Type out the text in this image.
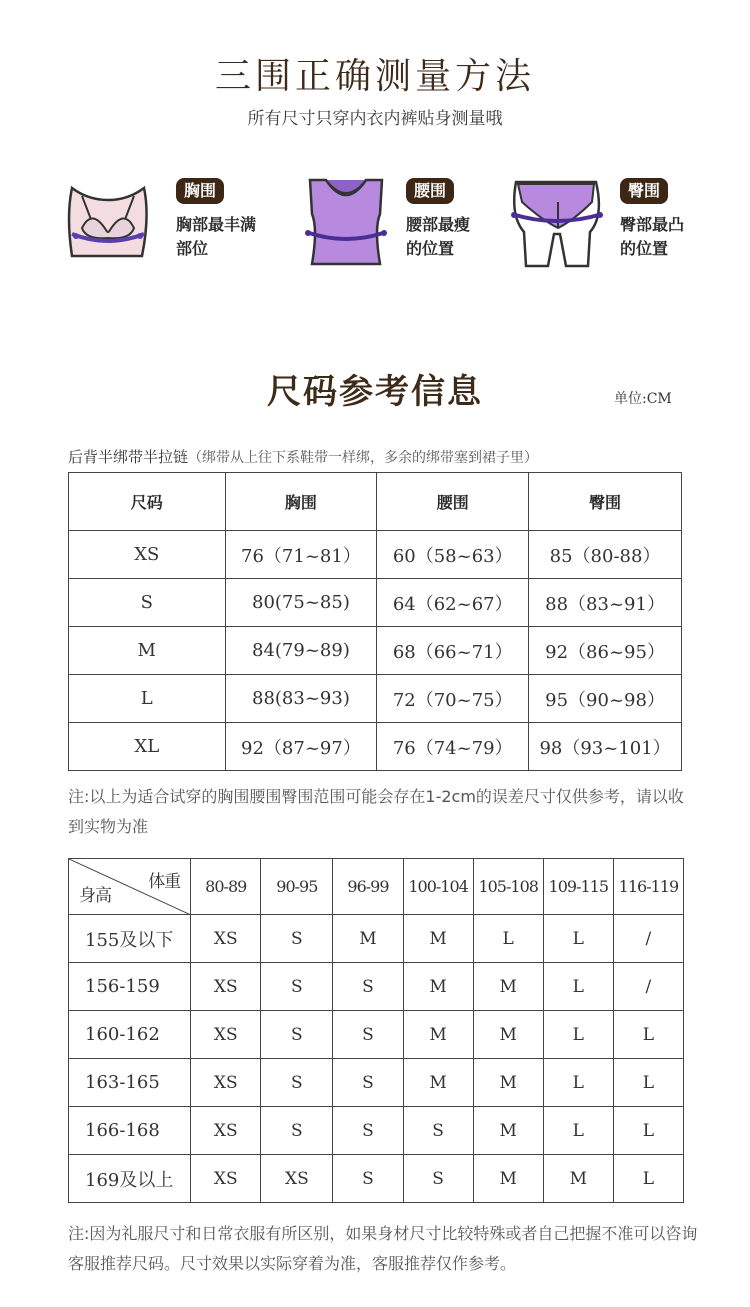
三围正确测量方法
所有尺寸只穿内衣内裤贴身测量哦
胸围
胸部最丰满
部位
腰围
腰部最瘦
的位置
臀围
臀部最凸
的位置
尺码参考信息	单位:CM
后背半绑带半拉链（绑带从上往下系鞋带一样绑，多余的绑带塞到裙子里）
尺码	胸围	腰围	臀围
XS	76（71~81）	60（58~63）	85（80-88）
S	80(75~85)	64（62~67）	88（83~91）
M	84(79~89)	68（66~71）	92（86~95）
L	88(83~93)	72（70~75）	95（90~98）
XL	92（87~97）	76（74~79）	98（93~101）
注:以上为适合试穿的胸围腰围臀围范围可能会存在1-2cm的误差尺寸仅供参考，请以收到实物为准
体重
身高	80-89	90-95	96-99	100-104	105-108	109-115	116-119
155及以下	XS	S	M	M	L	L	/
156-159	XS	S	S	M	M	L	/
160-162	XS	S	S	M	M	L	L
163-165	XS	S	S	M	M	L	L
166-168	XS	S	S	S	M	L	L
169及以上	XS	XS	S	S	M	M	L
注:因为礼服尺寸和日常衣服有所区别，如果身材尺寸比较特殊或者自己把握不准可以咨询客服推荐尺码。尺寸效果以实际穿着为准，客服推荐仅作参考。
